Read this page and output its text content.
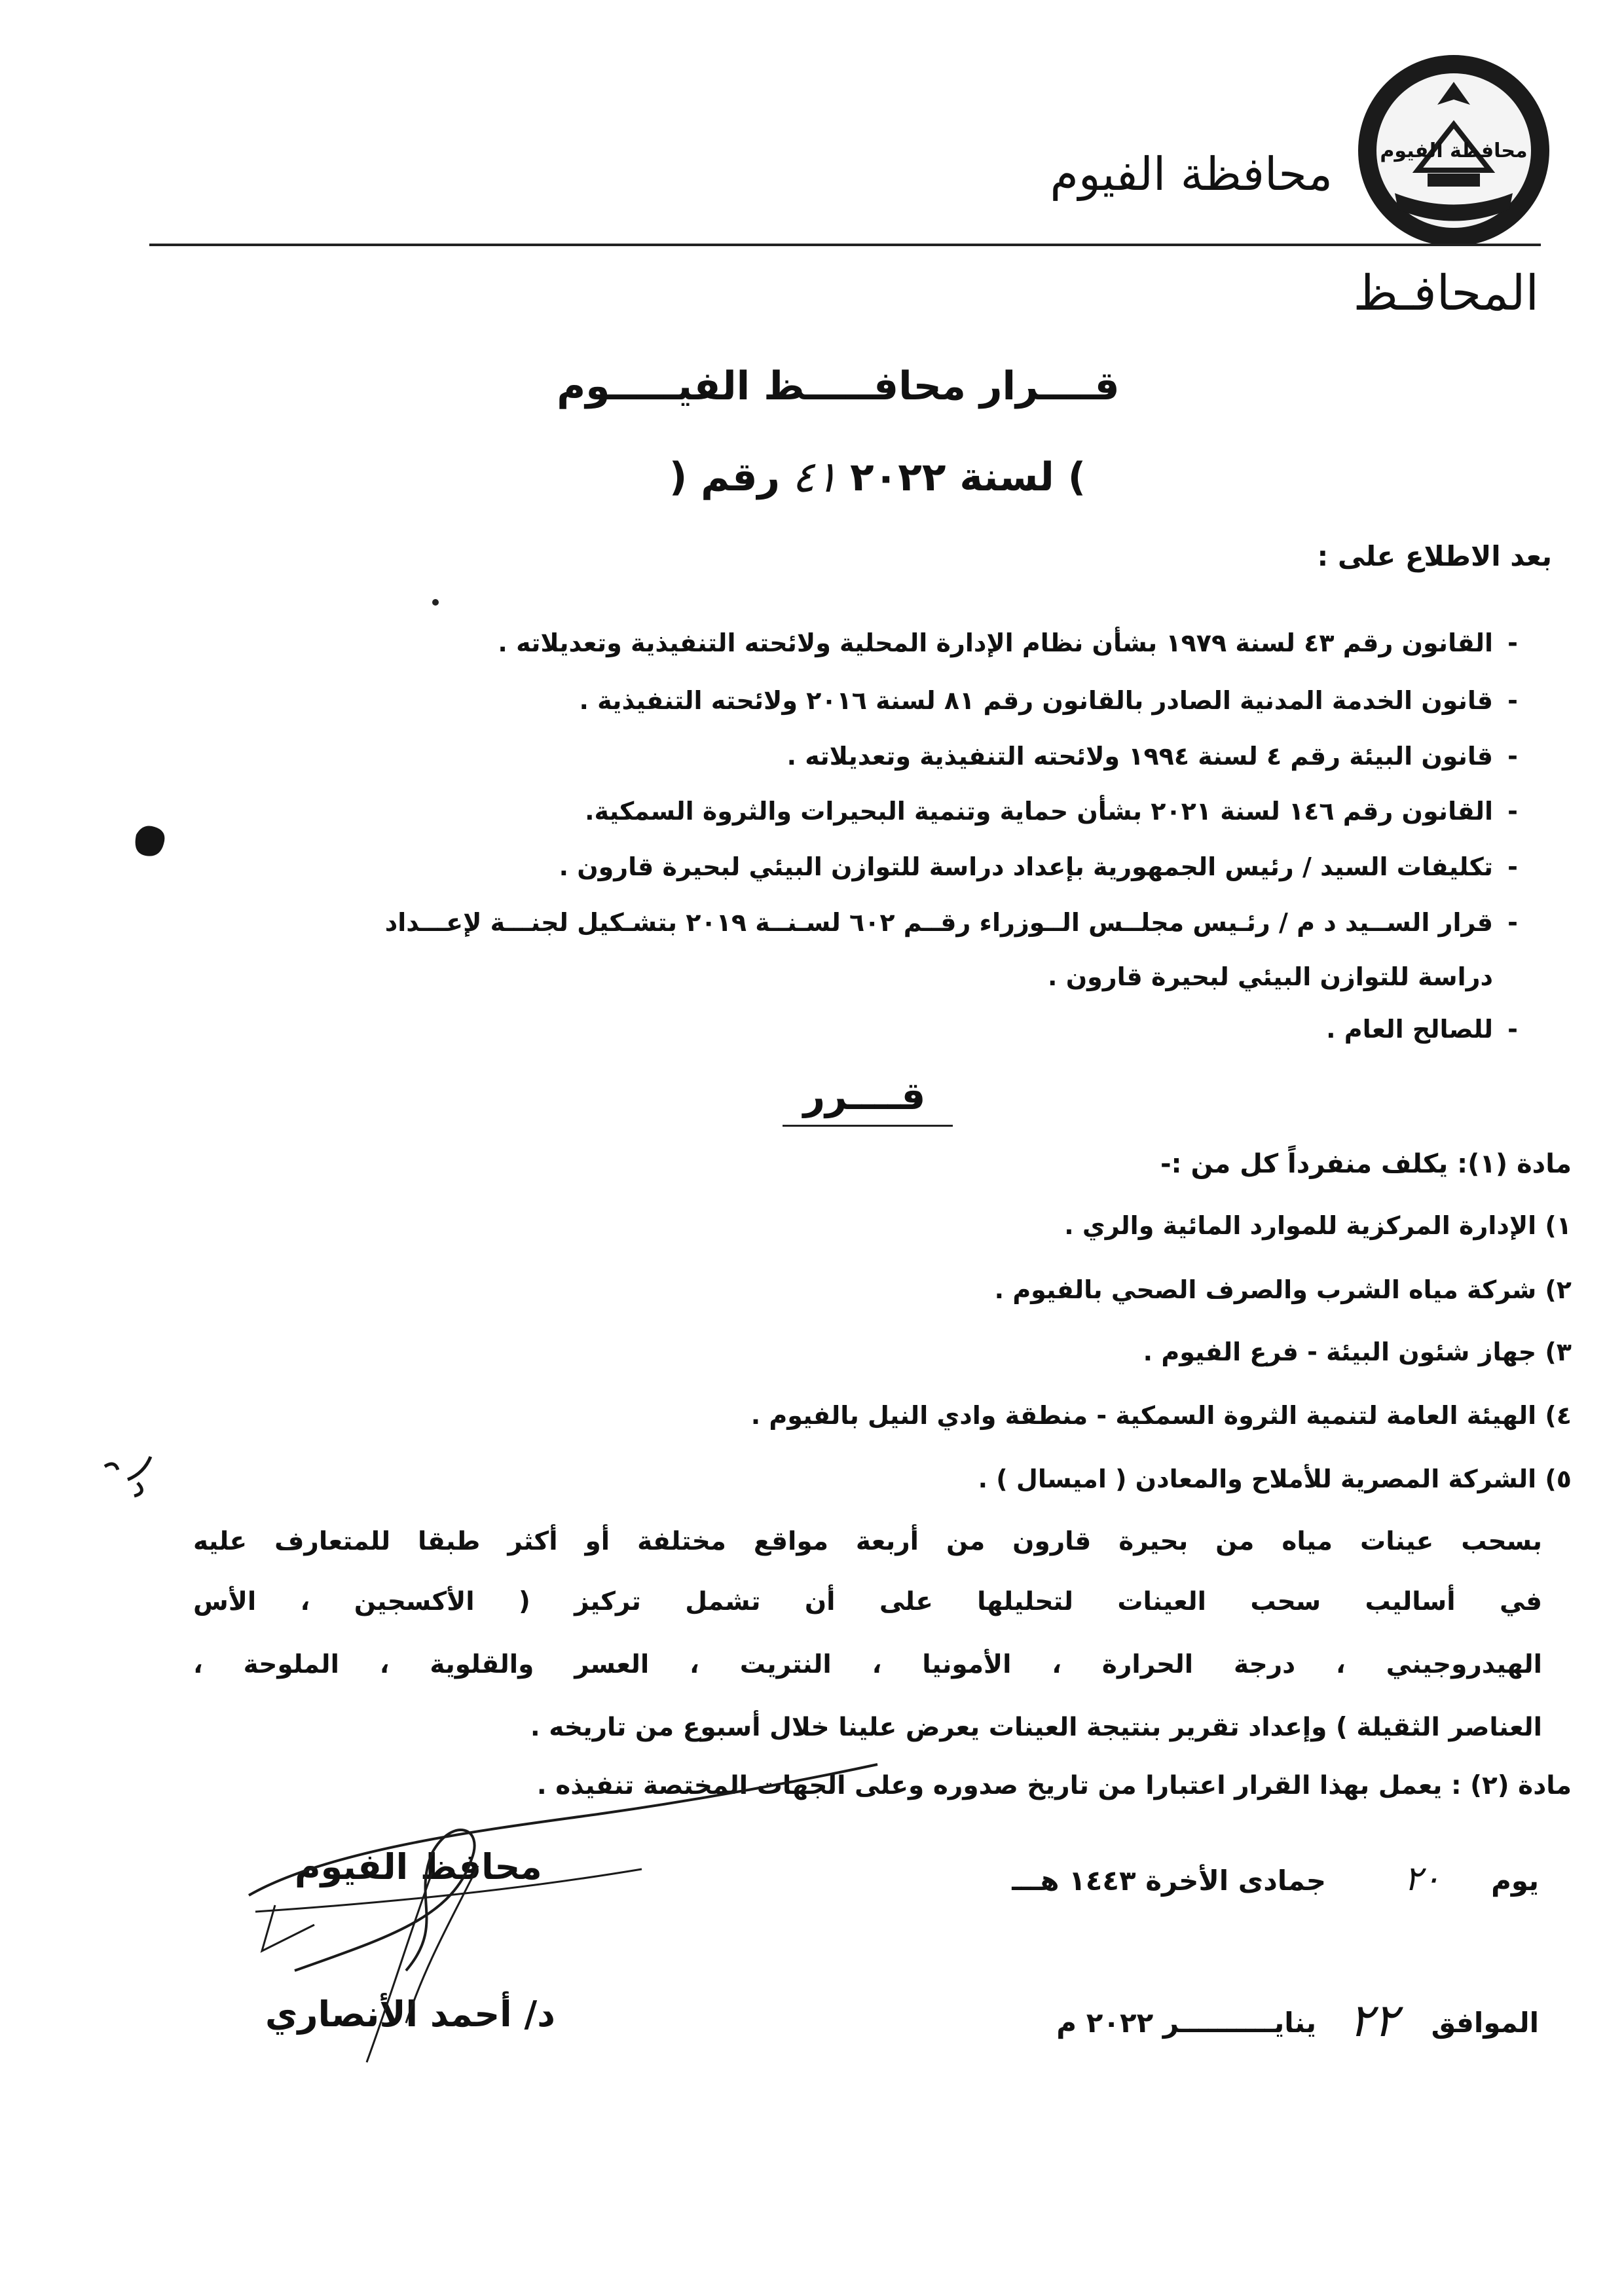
محافظة الفيوم
محافظة الفيوم
المحافـظ
قــــرار محافـــــظ الفيـــــوم
رقم ( ٤١ ) لسنة ٢٠٢٢
بعد الاطلاع على :
-القانون رقم ٤٣ لسنة ١٩٧٩ بشأن نظام الإدارة المحلية ولائحته التنفيذية وتعديلاته .
-قانون الخدمة المدنية الصادر بالقانون رقم ٨١ لسنة ٢٠١٦ ولائحته التنفيذية .
-قانون البيئة رقم ٤ لسنة ١٩٩٤ ولائحته التنفيذية وتعديلاته .
-القانون رقم ١٤٦ لسنة ٢٠٢١ بشأن حماية وتنمية البحيرات والثروة السمكية.
-تكليفات السيد / رئيس الجمهورية بإعداد دراسة للتوازن البيئي لبحيرة قارون .
-قرار الســيد د م / رئـيس مجلــس الــوزراء رقــم ٦٠٢ لسـنــة ٢٠١٩ بتشـكيل لجنـــة لإعـــداد
دراسة للتوازن البيئي لبحيرة قارون .
-للصالح العام .
قــــرر
مادة (١): يكلف منفرداً كل من :-
١) الإدارة المركزية للموارد المائية والري .
٢) شركة مياه الشرب والصرف الصحي بالفيوم .
٣) جهاز شئون البيئة - فرع الفيوم .
٤) الهيئة العامة لتنمية الثروة السمكية - منطقة وادي النيل بالفيوم .
٥) الشركة المصرية للأملاح والمعادن ( اميسال ) .
بسحب عينات مياه من بحيرة قارون من أربعة مواقع مختلفة أو أكثر طبقا للمتعارف عليه
في أساليب سحب العينات لتحليلها على أن تشمل تركيز ( الأكسجين ، الأس
الهيدروجيني ، درجة الحرارة ، الأمونيا ، النتريت ، العسر والقلوية ، الملوحة ،
العناصر الثقيلة ) وإعداد تقرير بنتيجة العينات يعرض علينا خلال أسبوع من تاريخه .
مادة (٢) : يعمل بهذا القرار اعتبارا من تاريخ صدوره وعلى الجهات المختصة تنفيذه .
يوم
٢٠
جمادى الأخرة ١٤٤٣ هـــ
الموافق
٢٢
ينايــــــــــر ٢٠٢٢ م
محافظ الفيوم
د/ أحمد الأنصاري
